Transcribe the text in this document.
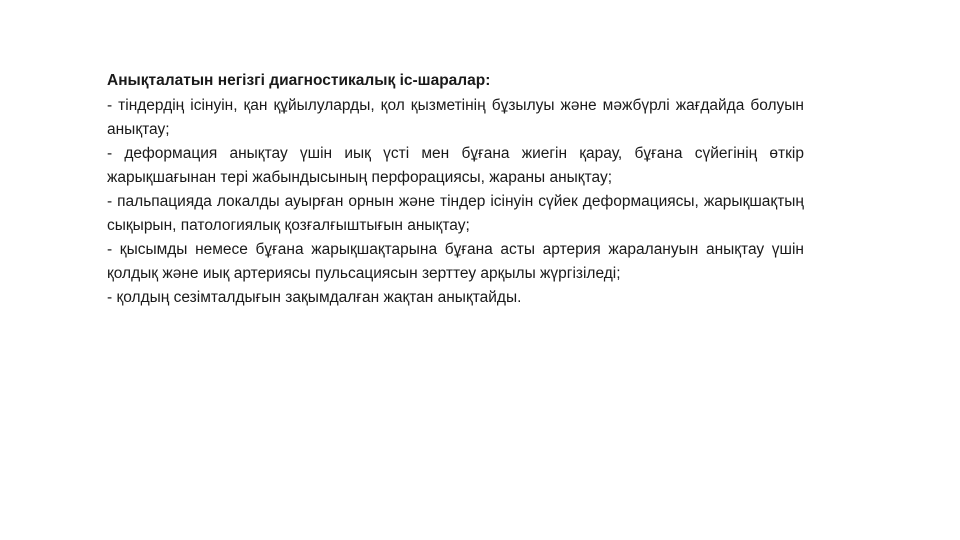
Анықталатын негізгі диагностикалық іс-шаралар:

- тіндердің ісінуін, қан құйылуларды, қол қызметінің бұзылуы жәнe мәжбүрлі жағдайда болуын анықтау;

- деформация анықтау үшін иық үсті мен бұғана жиегін қарау, бұғана сүйегінің өткір жарықшағынан тері жабындысының перфорациясы, жараны анықтау;

- пальпацияда локалды ауырған орнын жәнe тіндер ісінуін сүйек деформациясы, жарықшақтың сықырын, патологиялық қозғалғыштығын анықтау;

- қысымды немесе бұғана жарықшақтарына бұғана асты артерия жаралануын анықтау үшін қолдық жәнe иық артериясы пульсациясын зерттеу арқылы жүргізіледі;

- қолдың сезімталдығын зақымдалған жақтан анықтайды.
